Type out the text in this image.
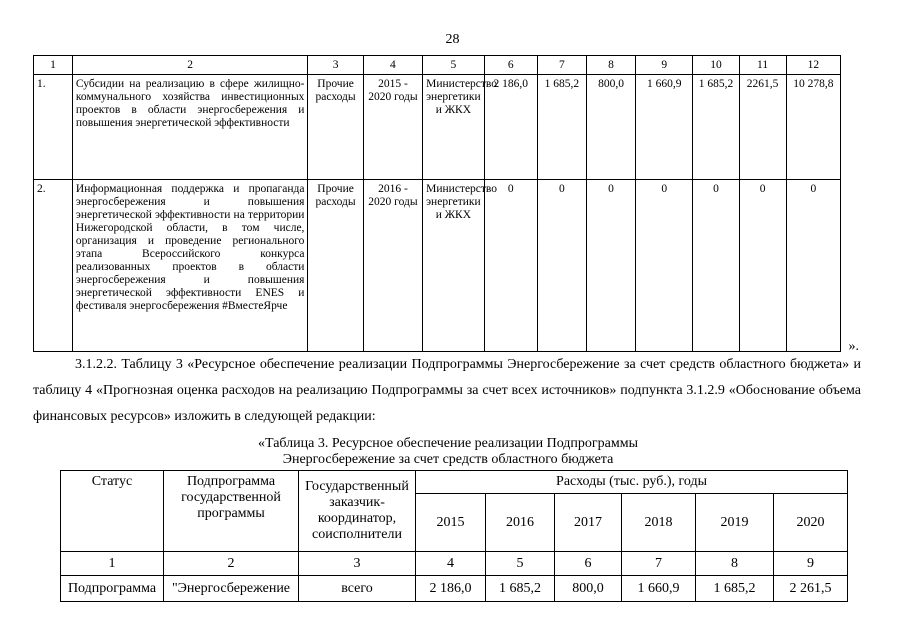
28
1	2	3	4	5	6	7	8	9	10	11	12
1.	Субсидии на реализацию в сфере жилищно-коммунального хозяйства инвестиционных проектов в области энергосбережения и повышения энергетической эффективности	Прочие расходы	2015 - 2020 годы	Министерство энергетики и ЖКХ	2 186,0	1 685,2	800,0	1 660,9	1 685,2	2261,5	10 278,8
2.	Информационная поддержка и пропаганда энергосбережения и повышения энергетической эффективности на территории Нижегородской области, в том числе, организация и проведение регионального этапа Всероссийского конкурса реализованных проектов в области энергосбережения и повышения энергетической эффективности ENES и фестиваля энергосбережения #ВместеЯрче	Прочие расходы	2016 - 2020 годы	Министерство энергетики и ЖКХ	0	0	0	0	0	0	0
».
3.1.2.2. Таблицу 3 «Ресурсное обеспечение реализации Подпрограммы Энергосбережение за счет средств областного бюджета» и таблицу 4 «Прогнозная оценка расходов на реализацию Подпрограммы за счет всех источников» подпункта 3.1.2.9 «Обоснование объема финансовых ресурсов» изложить в следующей редакции:
«Таблица 3. Ресурсное обеспечение реализации Подпрограммы
Энергосбережение за счет средств областного бюджета
Статус	Подпрограмма государственной программы	Государственный заказчик-координатор, соисполнители	Расходы (тыс. руб.), годы					
			2015	2016	2017	2018	2019	2020
1	2	3	4	5	6	7	8	9
Подпрограмма	"Энергосбережение	всего	2 186,0	1 685,2	800,0	1 660,9	1 685,2	2 261,5
